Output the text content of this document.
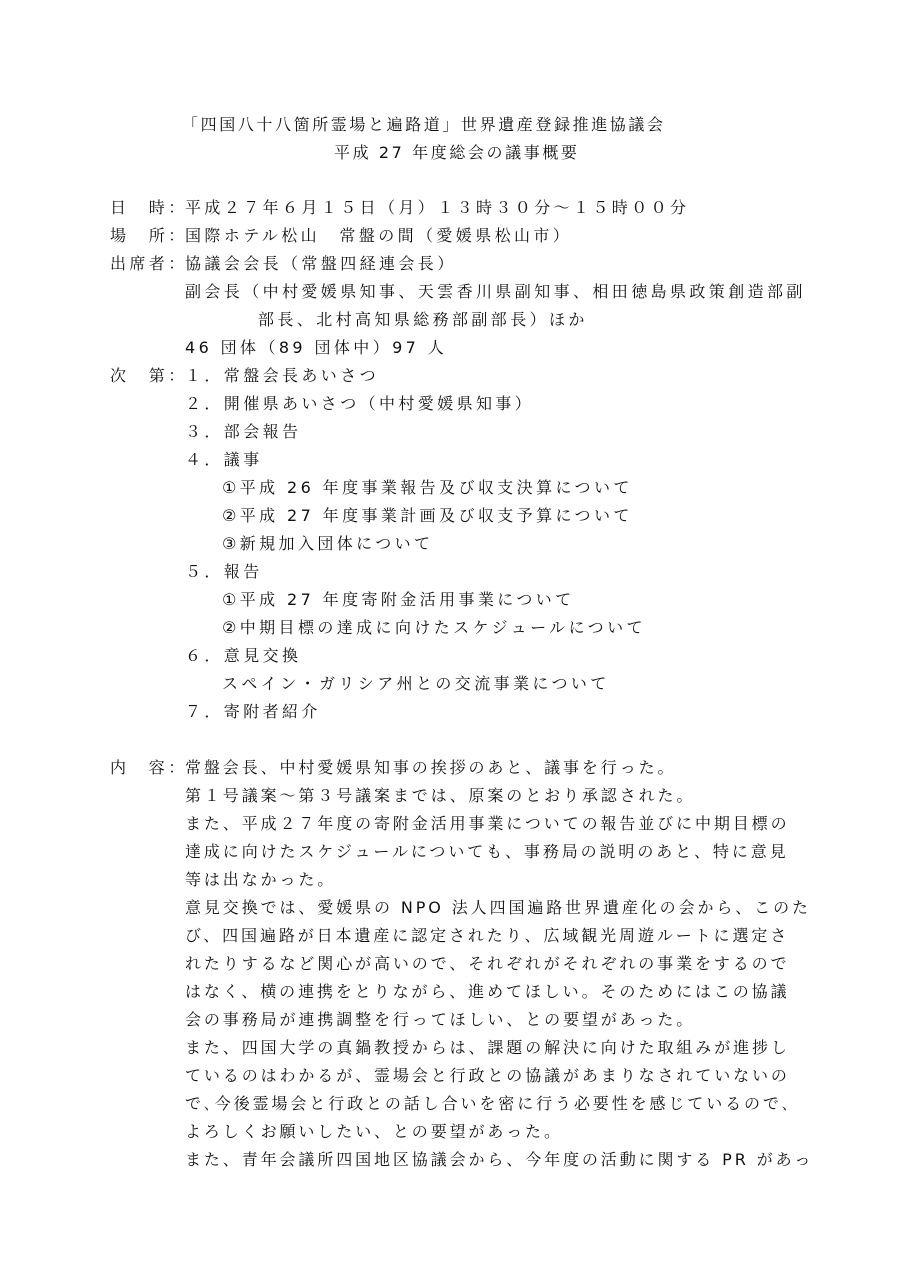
「四国八十八箇所霊場と遍路道」世界遺産登録推進協議会
平成 27 年度総会の議事概要
日　時：
平成２７年６月１５日（月）１３時３０分～１５時００分
場　所：
国際ホテル松山　常盤の間（愛媛県松山市）
出席者：
協議会会長（常盤四経連会長）
副会長（中村愛媛県知事、天雲香川県副知事、相田徳島県政策創造部副
部長、北村高知県総務部副部長）ほか
46 団体（89 団体中）97 人
次　第：
１．常盤会長あいさつ
２．開催県あいさつ（中村愛媛県知事）
３．部会報告
４．議事
①平成 26 年度事業報告及び収支決算について
②平成 27 年度事業計画及び収支予算について
③新規加入団体について
５．報告
①平成 27 年度寄附金活用事業について
②中期目標の達成に向けたスケジュールについて
６．意見交換
スペイン・ガリシア州との交流事業について
７．寄附者紹介
内　容：
常盤会長、中村愛媛県知事の挨拶のあと、議事を行った。
第１号議案～第３号議案までは、原案のとおり承認された。
また、平成２７年度の寄附金活用事業についての報告並びに中期目標の
達成に向けたスケジュールについても、事務局の説明のあと、特に意見
等は出なかった。
意見交換では、愛媛県の NPO 法人四国遍路世界遺産化の会から、このた
び、四国遍路が日本遺産に認定されたり、広域観光周遊ルートに選定さ
れたりするなど関心が高いので、それぞれがそれぞれの事業をするので
はなく、横の連携をとりながら、進めてほしい。そのためにはこの協議
会の事務局が連携調整を行ってほしい、との要望があった。
また、四国大学の真鍋教授からは、課題の解決に向けた取組みが進捗し
ているのはわかるが、霊場会と行政との協議があまりなされていないの
で､今後霊場会と行政との話し合いを密に行う必要性を感じているので､
よろしくお願いしたい、との要望があった。
また、青年会議所四国地区協議会から、今年度の活動に関する PR があっ
